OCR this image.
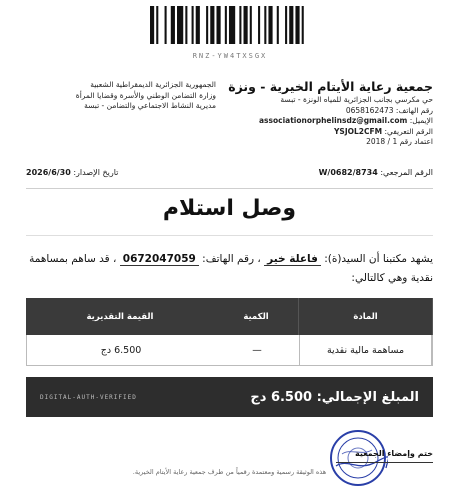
RNZ-YW4TXSGX
جمعية رعاية الأيتام الخيرية - ونزة
حي مكرسي بجانب الجزائرية للمياه الونزة - تبسة
رقم الهاتف: 0658162473
الإيميل: associationorphelinsdz@gmail.com
الرقم التعريفي: YSJOL2CFM
اعتماد رقم 1 / 2018
الجمهورية الجزائرية الديمقراطية الشعبية
وزارة التضامن الوطني والأسرة وقضايا المرأة
مديرية النشاط الاجتماعي والتضامن - تبسة
الرقم المرجعي: W/0682/8734
تاريخ الإصدار: 2026/6/30
وصل استلام
يشهد مكتبنا أن السيد(ة): فاعلة خير ، رقم الهاتف: 0672047059 ، قد ساهم بمساهمة نقدية وهي كالتالي:
المادة
الكمية
القيمة التقديرية
مساهمة مالية نقدية
—
6.500 دج
المبلغ الإجمالي: 6.500 دج
DIGITAL-AUTH-VERIFIED
ختم وإمضاء الجمعية
هذه الوثيقة رسمية ومعتمدة رقمياً من طرف جمعية رعاية الأيتام الخيرية.
